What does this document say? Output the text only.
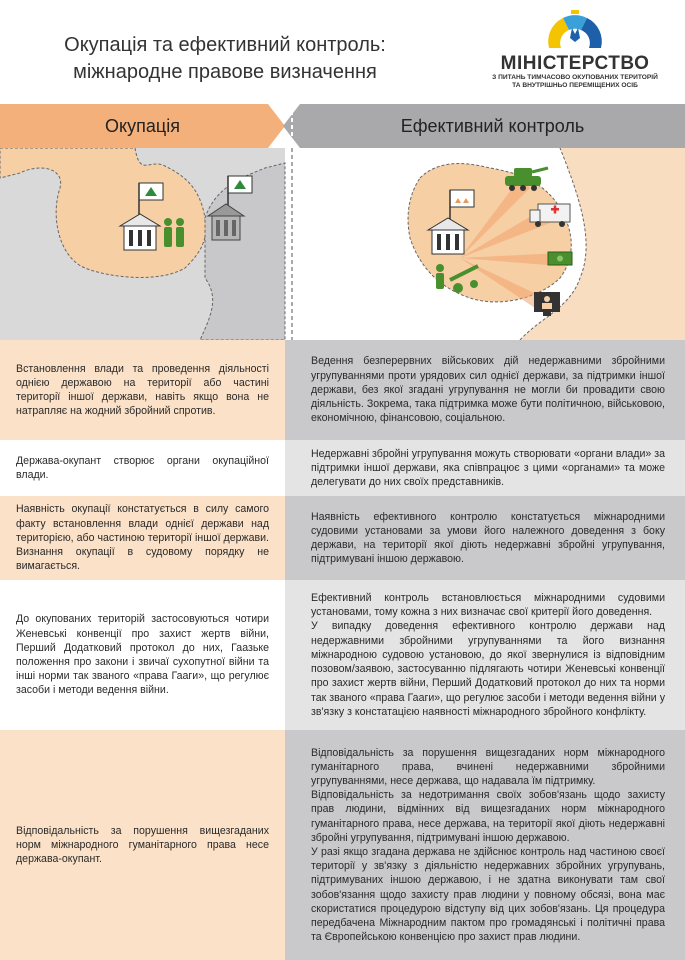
Окупація та ефективний контроль:
міжнародне правове визначення	МІНІСТЕРСТВО
З ПИТАНЬ ТИМЧАСОВО ОКУПОВАНИХ ТЕРИТОРІЙ
ТА ВНУТРІШНЬО ПЕРЕМІЩЕНИХ ОСІБ
Окупація	Ефективний контроль

Встановлення влади та проведення діяльності однією державою на території або частині території іншої держави, навіть якщо вона не натрапляє на жодний збройний спротив.

Ведення безперервних військових дій недержавними збройними угрупуваннями проти урядових сил однієї держави, за підтримки іншої держави, без якої згадані угрупування не могли би провадити свою діяльність. Зокрема, така підтримка може бути політичною, військовою, економічною, фінансовою, соціальною.

Держава-окупант створює органи окупаційної влади.

Недержавні збройні угрупування можуть створювати «органи влади» за підтримки іншої держави, яка співпрацює з цими «органами» та може делегувати до них своїх представників.

Наявність окупації констатується в силу самого факту встановлення влади однієї держави над територією, або частиною території іншої держави. Визнання окупації в судовому порядку не вимагається.

Наявність ефективного контролю констатується міжнародними судовими установами за умови його належного доведення з боку держави, на території якої діють недержавні збройні угрупування, підтримувані іншою державою.

До окупованих територій застосовуються чотири Женевські конвенції про захист жертв війни, Перший Додатковий протокол до них, Гаазьке положення про закони і звичаї сухопутної війни та інші норми так званого «права Гааги», що регулює засоби і методи ведення війни.

Ефективний контроль встановлюється міжнародними судовими установами, тому кожна з них визначає свої критерії його доведення.

У випадку доведення ефективного контролю держави над недержавними збройними угрупуваннями та його визнання міжнародною судовою установою, до якої звернулися із відповідним позовом/заявою, застосуванню підлягають чотири Женевські конвенції про захист жертв війни, Перший Додатковий протокол до них та норми так званого «права Гааги», що регулює засоби і методи ведення війни у зв'язку з констатацією наявності міжнародного збройного конфлікту.

Відповідальність за порушення вищезгаданих норм міжнародного гуманітарного права несе держава-окупант.

Відповідальність за порушення вищезгаданих норм міжнародного гуманітарного права, вчинені недержавними збройними угрупуваннями, несе держава, що надавала їм підтримку.

Відповідальність за недотримання своїх зобов'язань щодо захисту прав людини, відмінних від вищезгаданих норм міжнародного гуманітарного права, несе держава, на території якої діють недержавні збройні угрупування, підтримувані іншою державою.

У разі якщо згадана держава не здійснює контроль над частиною своєї території у зв'язку з діяльністю недержавних збройних угрупувань, підтримуваних іншою державою, і не здатна виконувати там свої зобов'язання щодо захисту прав людини у повному обсязі, вона має скористатися процедурою відступу від цих зобов'язань. Ця процедура передбачена Міжнародним пактом про громадянські і політичні права та Європейською конвенцією про захист прав людини.
